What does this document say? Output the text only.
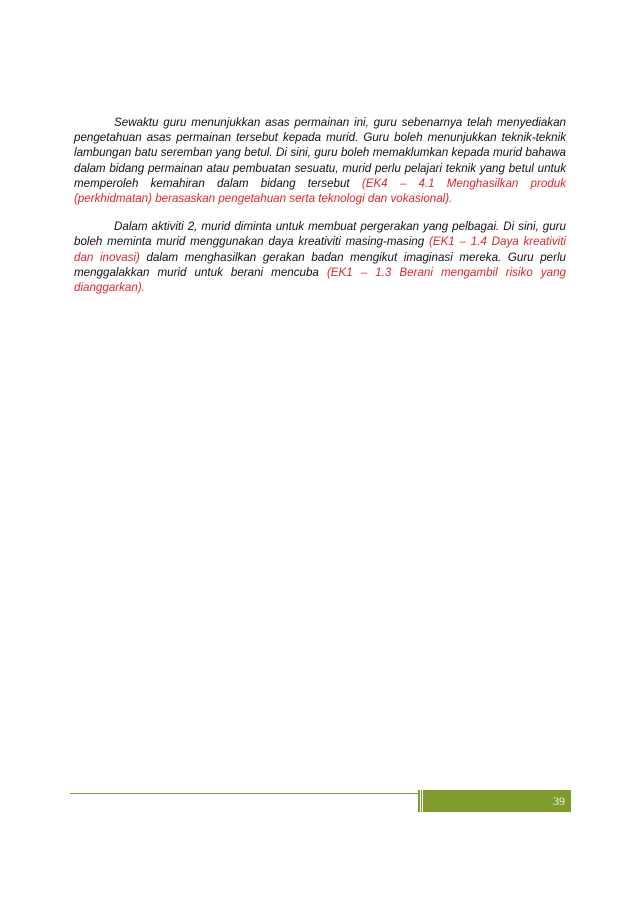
Sewaktu guru menunjukkan asas permainan ini, guru sebenarnya telah menyediakan pengetahuan asas permainan tersebut kepada murid. Guru boleh menunjukkan teknik-teknik lambungan batu seremban yang betul. Di sini, guru boleh memaklumkan kepada murid bahawa dalam bidang permainan atau pembuatan sesuatu, murid perlu pelajari teknik yang betul untuk memperoleh kemahiran dalam bidang tersebut (EK4 – 4.1 Menghasilkan produk (perkhidmatan) berasaskan pengetahuan serta teknologi dan vokasional).

Dalam aktiviti 2, murid diminta untuk membuat pergerakan yang pelbagai. Di sini, guru boleh meminta murid menggunakan daya kreativiti masing-masing (EK1 – 1.4 Daya kreativiti dan inovasi) dalam menghasilkan gerakan badan mengikut imaginasi mereka. Guru perlu menggalakkan murid untuk berani mencuba (EK1 – 1.3 Berani mengambil risiko yang dianggarkan).

39
